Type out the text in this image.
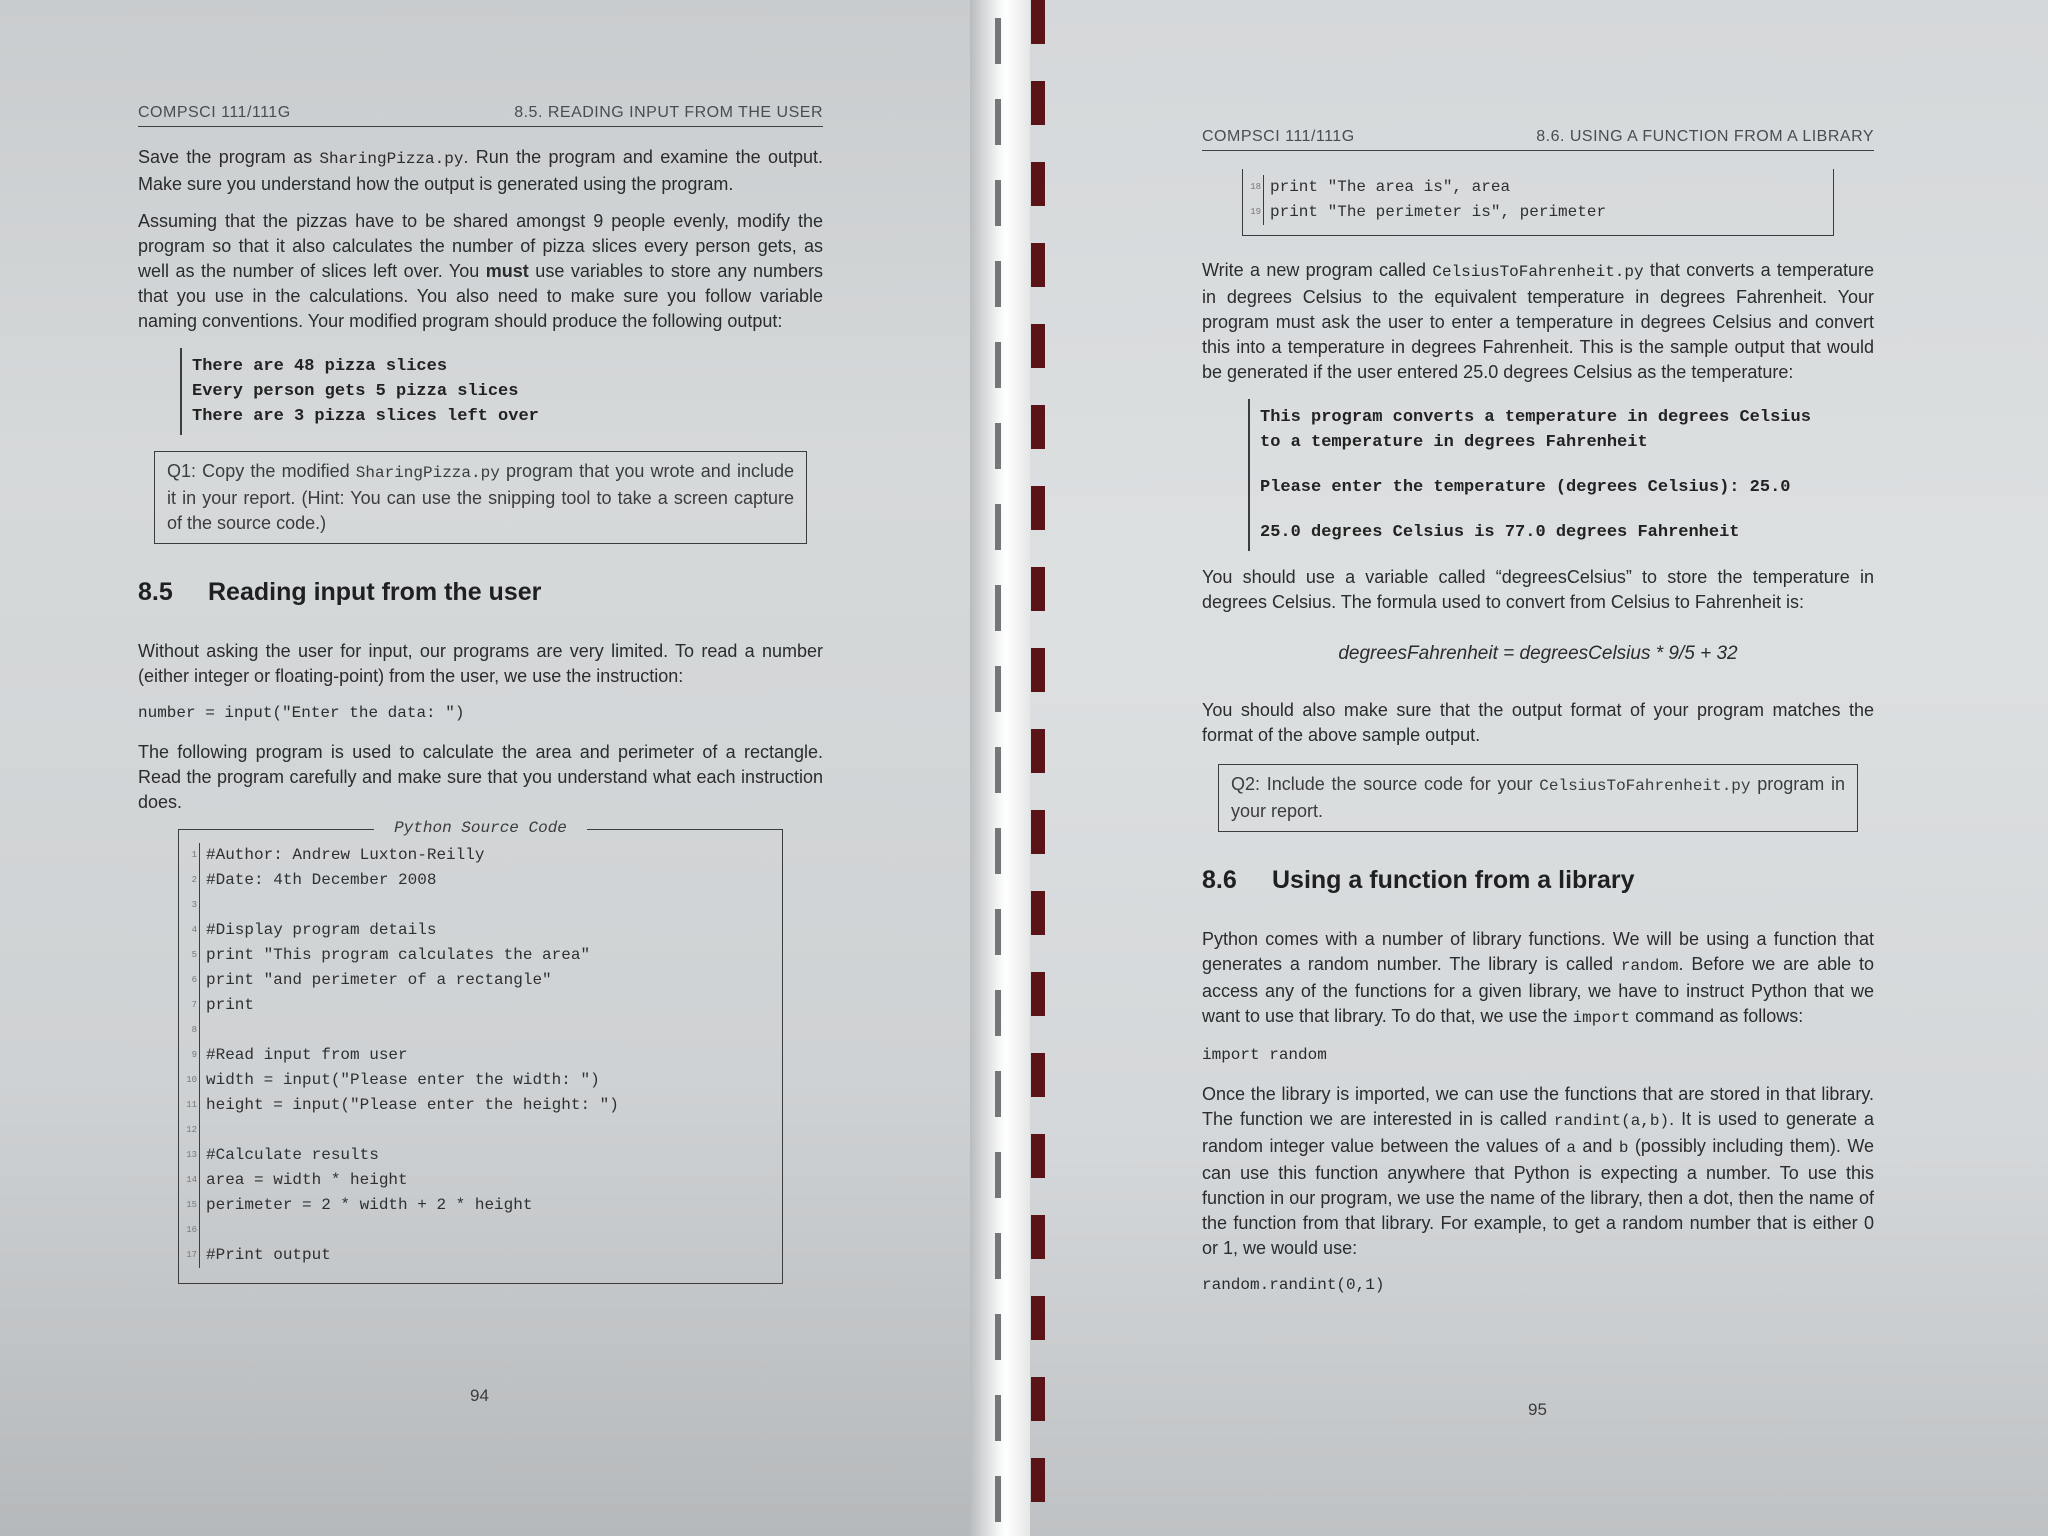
COMPSCI 111/111G	8.5. READING INPUT FROM THE USER

Save the program as SharingPizza.py. Run the program and examine the output. Make sure you understand how the output is generated using the program.

Assuming that the pizzas have to be shared amongst 9 people evenly, modify the program so that it also calculates the number of pizza slices every person gets, as well as the number of slices left over. You must use variables to store any numbers that you use in the calculations. You also need to make sure you follow variable naming conventions. Your modified program should produce the following output:

There are 48 pizza slices
Every person gets 5 pizza slices
There are 3 pizza slices left over
Q1: Copy the modified SharingPizza.py program that you wrote and include it in your report. (Hint: You can use the snipping tool to take a screen capture of the source code.)
8.5 Reading input from the user

Without asking the user for input, our programs are very limited. To read a number (either integer or floating-point) from the user, we use the instruction:

number = input("Enter the data: ")

The following program is used to calculate the area and perimeter of a rectangle. Read the program carefully and make sure that you understand what each instruction does.

Python Source Code
1 #Author: Andrew Luxton-Reilly
2 #Date: 4th December 2008
3
4 #Display program details
5 print "This program calculates the area"
6 print "and perimeter of a rectangle"
7 print
8
9 #Read input from user
10 width = input("Please enter the width: ")
11 height = input("Please enter the height: ")
12
13 #Calculate results
14 area = width * height
15 perimeter = 2 * width + 2 * height
16
17 #Print output
94
COMPSCI 111/111G	8.6. USING A FUNCTION FROM A LIBRARY
18 print "The area is", area
19 print "The perimeter is", perimeter

Write a new program called CelsiusToFahrenheit.py that converts a temperature in degrees Celsius to the equivalent temperature in degrees Fahrenheit. Your program must ask the user to enter a temperature in degrees Celsius and convert this into a temperature in degrees Fahrenheit. This is the sample output that would be generated if the user entered 25.0 degrees Celsius as the temperature:

This program converts a temperature in degrees Celsius
to a temperature in degrees Fahrenheit
Please enter the temperature (degrees Celsius): 25.0
25.0 degrees Celsius is 77.0 degrees Fahrenheit

You should use a variable called “degreesCelsius” to store the temperature in degrees Celsius. The formula used to convert from Celsius to Fahrenheit is:

degreesFahrenheit = degreesCelsius * 9/5 + 32

You should also make sure that the output format of your program matches the format of the above sample output.

Q2: Include the source code for your CelsiusToFahrenheit.py program in your report.
8.6 Using a function from a library

Python comes with a number of library functions. We will be using a function that generates a random number. The library is called random. Before we are able to access any of the functions for a given library, we have to instruct Python that we want to use that library. To do that, we use the import command as follows:

import random

Once the library is imported, we can use the functions that are stored in that library. The function we are interested in is called randint(a,b). It is used to generate a random integer value between the values of a and b (possibly including them). We can use this function anywhere that Python is expecting a number. To use this function in our program, we use the name of the library, then a dot, then the name of the function from that library. For example, to get a random number that is either 0 or 1, we would use:

random.randint(0,1)
95
